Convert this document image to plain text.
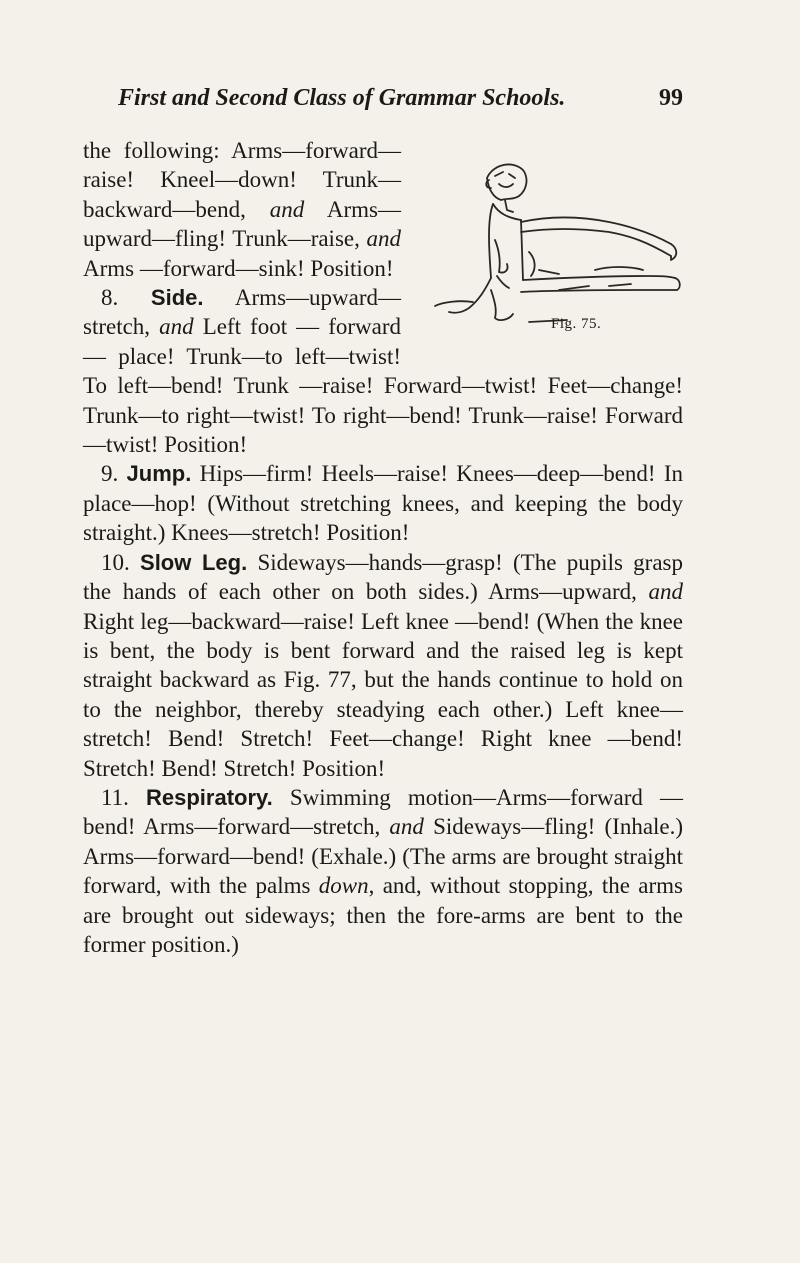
First and Second Class of Grammar Schools.	99
Fig. 75.

the following: Arms—forward—raise! Kneel—down! Trunk—backward—bend, and Arms—upward—fling! Trunk—raise, and Arms —forward—sink! Position!

8. Side. Arms—upward—stretch, and Left foot — forward — place! Trunk—to left—twist! To left—bend! Trunk —raise! Forward—twist! Feet—change! Trunk—to right—twist! To right—bend! Trunk—raise! Forward—twist! Position!

9. Jump. Hips—firm! Heels—raise! Knees—deep—bend! In place—hop! (Without stretching knees, and keeping the body straight.) Knees—stretch! Position!

10. Slow Leg. Sideways—hands—grasp! (The pupils grasp the hands of each other on both sides.) Arms—upward, and Right leg—backward—raise! Left knee —bend! (When the knee is bent, the body is bent forward and the raised leg is kept straight backward as Fig. 77, but the hands continue to hold on to the neighbor, thereby steadying each other.) Left knee—stretch! Bend! Stretch! Feet—change! Right knee —bend! Stretch! Bend! Stretch! Position!

11. Respiratory. Swimming motion—Arms—forward —bend! Arms—forward—stretch, and Sideways—fling! (Inhale.) Arms—forward—bend! (Exhale.) (The arms are brought straight forward, with the palms down, and, without stopping, the arms are brought out sideways; then the fore-arms are bent to the former position.)
